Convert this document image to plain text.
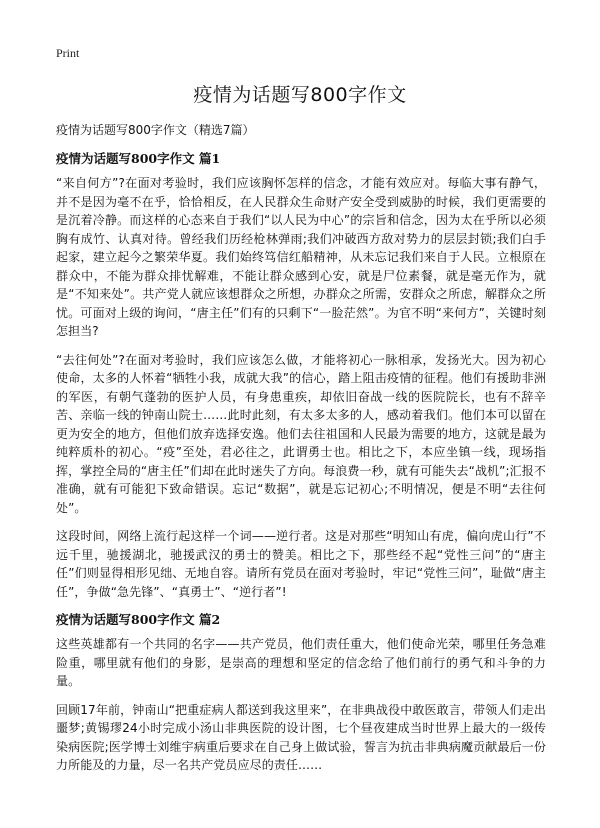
Print
疫情为话题写800字作文

疫情为话题写800字作文（精选7篇）

疫情为话题写800字作文 篇1

“来自何方”?在面对考验时，我们应该胸怀怎样的信念，才能有效应对。每临大事有静气，并不是因为毫不在乎，恰恰相反，在人民群众生命财产安全受到威胁的时候，我们更需要的是沉着冷静。而这样的心态来自于我们“以人民为中心”的宗旨和信念，因为太在乎所以必须胸有成竹、认真对待。曾经我们历经枪林弹雨;我们冲破西方敌对势力的层层封锁;我们白手起家，建立起今之繁荣华夏。我们始终笃信红船精神，从未忘记我们来自于人民。立根原在群众中，不能为群众排忧解难，不能让群众感到心安，就是尸位素餐，就是毫无作为，就是“不知来处”。共产党人就应该想群众之所想，办群众之所需，安群众之所虑，解群众之所忧。可面对上级的询问，“唐主任”们有的只剩下“一脸茫然”。为官不明“来何方”，关键时刻怎担当?

“去往何处”?在面对考验时，我们应该怎么做，才能将初心一脉相承，发扬光大。因为初心使命，太多的人怀着“牺牲小我，成就大我”的信心，踏上阻击疫情的征程。他们有援助非洲的军医，有朝气蓬勃的医护人员，有身患重疾，却依旧奋战一线的医院院长，也有不辞辛苦、亲临一线的钟南山院士……此时此刻，有太多太多的人，感动着我们。他们本可以留在更为安全的地方，但他们放弃选择安逸。他们去往祖国和人民最为需要的地方，这就是最为纯粹质朴的初心。“疫”至处，君必往之，此谓勇士也。相比之下，本应坐镇一线，现场指挥，掌控全局的“唐主任”们却在此时迷失了方向。每浪费一秒，就有可能失去“战机”;汇报不准确，就有可能犯下致命错误。忘记“数据”，就是忘记初心;不明情况，便是不明“去往何处”。

这段时间，网络上流行起这样一个词——逆行者。这是对那些“明知山有虎，偏向虎山行”不远千里，驰援湖北，驰援武汉的勇士的赞美。相比之下，那些经不起“党性三问”的“唐主任”们则显得相形见绌、无地自容。请所有党员在面对考验时，牢记“党性三问”，耻做“唐主任”，争做“急先锋”、“真勇士”、“逆行者”!

疫情为话题写800字作文 篇2

这些英雄都有一个共同的名字——共产党员，他们责任重大，他们使命光荣，哪里任务急难险重，哪里就有他们的身影，是崇高的理想和坚定的信念给了他们前行的勇气和斗争的力量。

回顾17年前，钟南山“把重症病人都送到我这里来”，在非典战役中敢医敢言，带领人们走出噩梦;黄锡璆24小时完成小汤山非典医院的设计图，七个昼夜建成当时世界上最大的一级传染病医院;医学博士刘维宇病重后要求在自己身上做试验，誓言为抗击非典病魔贡献最后一份力所能及的力量，尽一名共产党员应尽的责任……
